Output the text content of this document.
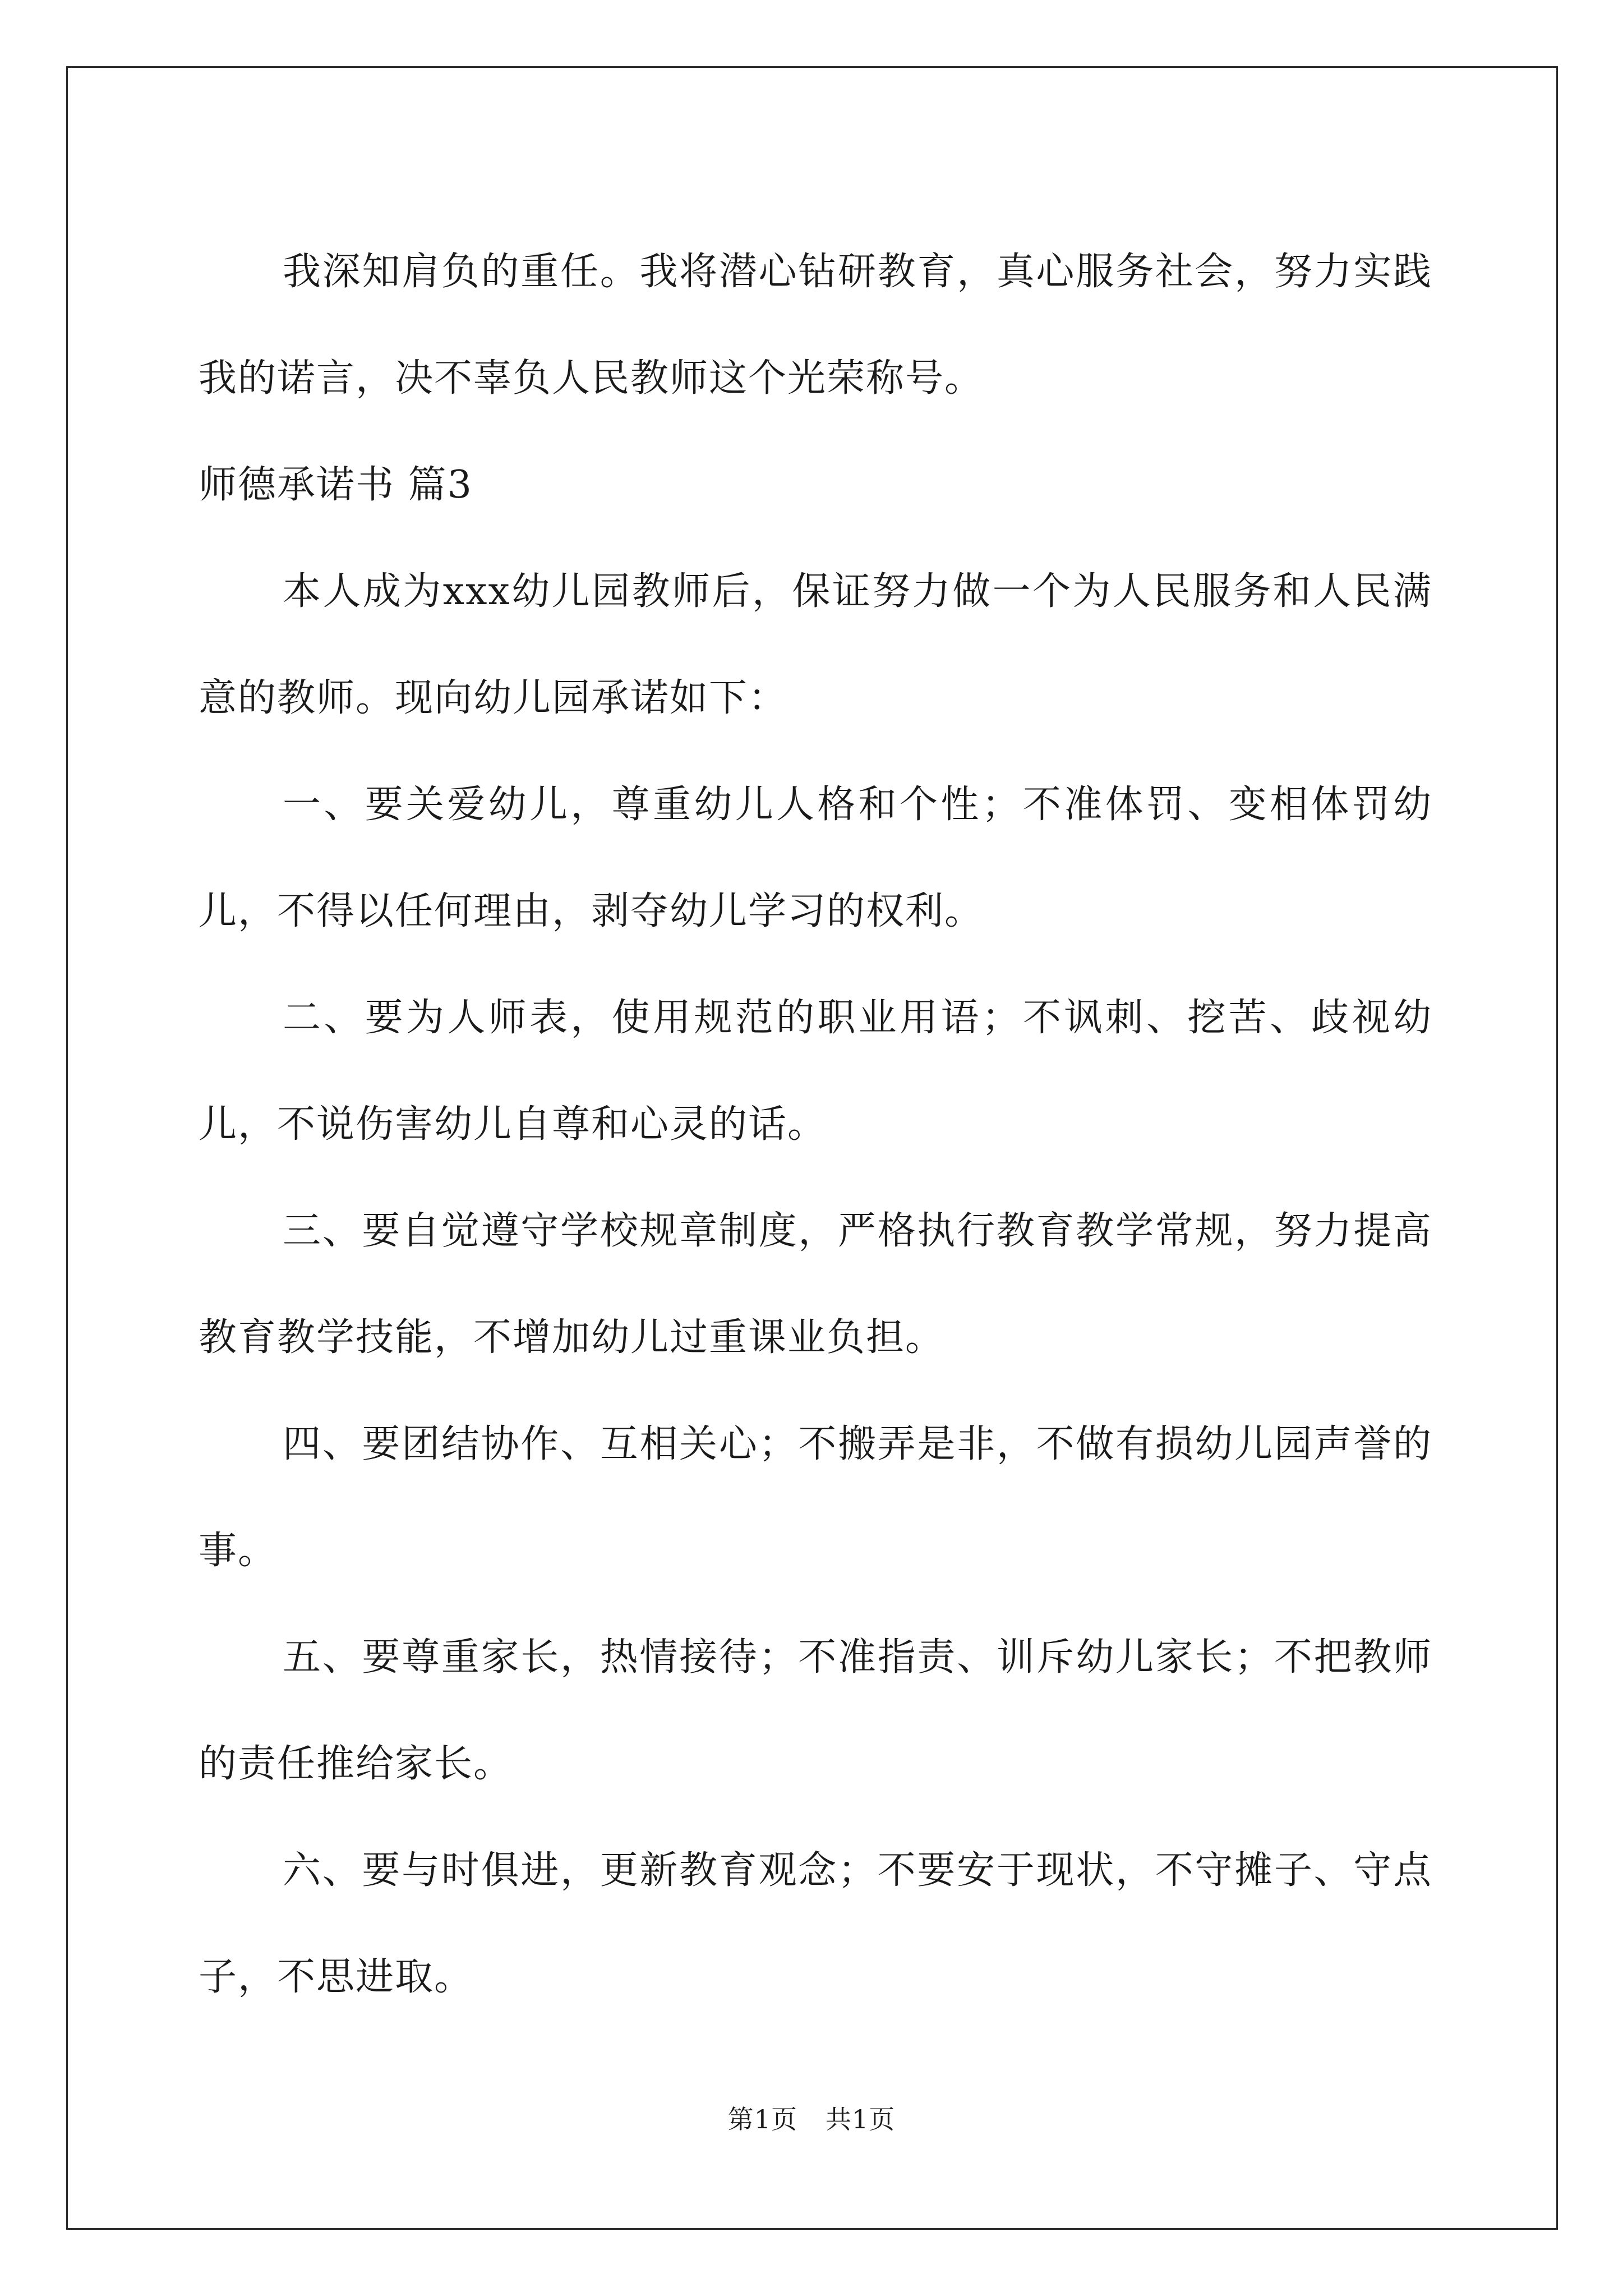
我深知肩负的重任。我将潜心钻研教育，真心服务社会，努力实践我的诺言，决不辜负人民教师这个光荣称号。

师德承诺书 篇3

本人成为xxx幼儿园教师后，保证努力做一个为人民服务和人民满意的教师。现向幼儿园承诺如下：

一、要关爱幼儿，尊重幼儿人格和个性；不准体罚、变相体罚幼儿，不得以任何理由，剥夺幼儿学习的权利。

二、要为人师表，使用规范的职业用语；不讽刺、挖苦、歧视幼儿，不说伤害幼儿自尊和心灵的话。

三、要自觉遵守学校规章制度，严格执行教育教学常规，努力提高教育教学技能，不增加幼儿过重课业负担。

四、要团结协作、互相关心；不搬弄是非，不做有损幼儿园声誉的事。

五、要尊重家长，热情接待；不准指责、训斥幼儿家长；不把教师的责任推给家长。

六、要与时俱进，更新教育观念；不要安于现状，不守摊子、守点子，不思进取。

第1页 共1页
